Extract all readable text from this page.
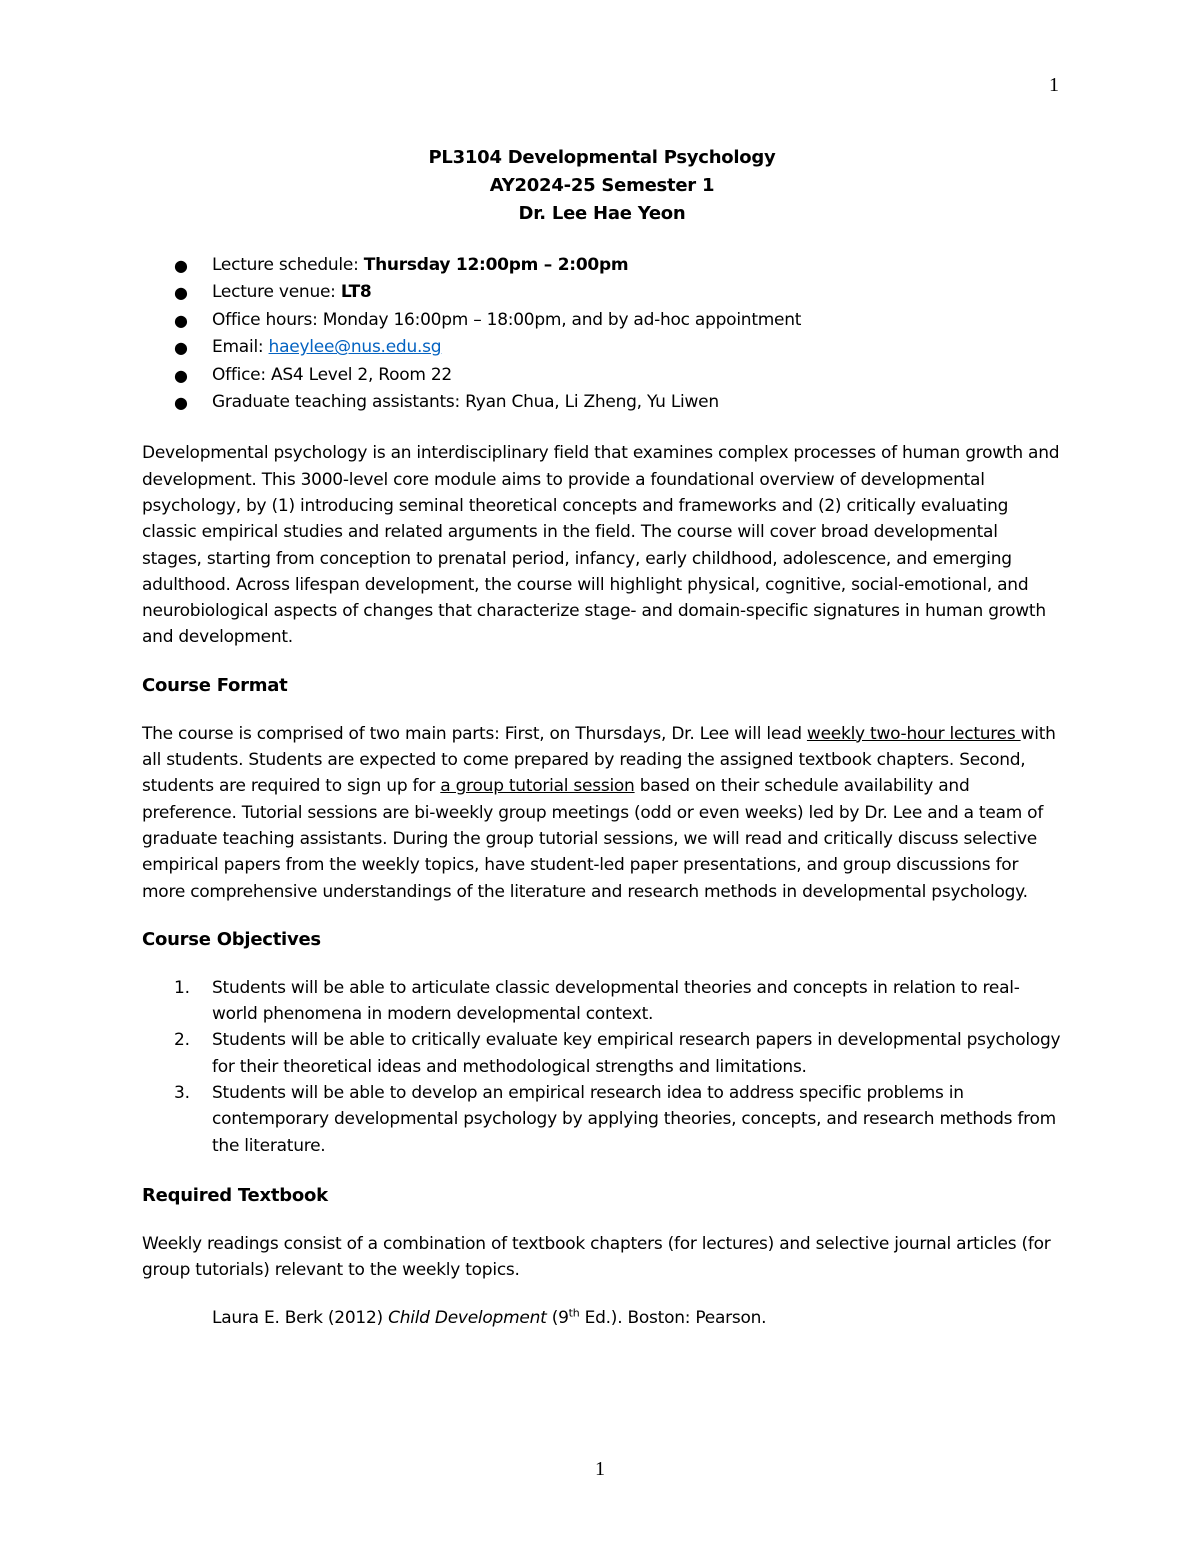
1
PL3104 Developmental Psychology
AY2024-25 Semester 1
Dr. Lee Hae Yeon
● Lecture schedule: Thursday 12:00pm – 2:00pm
● Lecture venue: LT8
● Office hours: Monday 16:00pm – 18:00pm, and by ad-hoc appointment
● Email: haeylee@nus.edu.sg
● Office: AS4 Level 2, Room 22
● Graduate teaching assistants: Ryan Chua, Li Zheng, Yu Liwen

Developmental psychology is an interdisciplinary field that examines complex processes of human growth and development. This 3000-level core module aims to provide a foundational overview of developmental psychology, by (1) introducing seminal theoretical concepts and frameworks and (2) critically evaluating classic empirical studies and related arguments in the field. The course will cover broad developmental stages, starting from conception to prenatal period, infancy, early childhood, adolescence, and emerging adulthood. Across lifespan development, the course will highlight physical, cognitive, social-emotional, and neurobiological aspects of changes that characterize stage- and domain-specific signatures in human growth and development.

Course Format

The course is comprised of two main parts: First, on Thursdays, Dr. Lee will lead weekly two-hour lectures with all students. Students are expected to come prepared by reading the assigned textbook chapters. Second, students are required to sign up for a group tutorial session based on their schedule availability and preference. Tutorial sessions are bi-weekly group meetings (odd or even weeks) led by Dr. Lee and a team of graduate teaching assistants. During the group tutorial sessions, we will read and critically discuss selective empirical papers from the weekly topics, have student-led paper presentations, and group discussions for more comprehensive understandings of the literature and research methods in developmental psychology.

Course Objectives
1. Students will be able to articulate classic developmental theories and concepts in relation to real-world phenomena in modern developmental context.
2. Students will be able to critically evaluate key empirical research papers in developmental psychology for their theoretical ideas and methodological strengths and limitations.
3. Students will be able to develop an empirical research idea to address specific problems in contemporary developmental psychology by applying theories, concepts, and research methods from the literature.
Required Textbook

Weekly readings consist of a combination of textbook chapters (for lectures) and selective journal articles (for group tutorials) relevant to the weekly topics.

Laura E. Berk (2012) Child Development (9th Ed.). Boston: Pearson.
1
